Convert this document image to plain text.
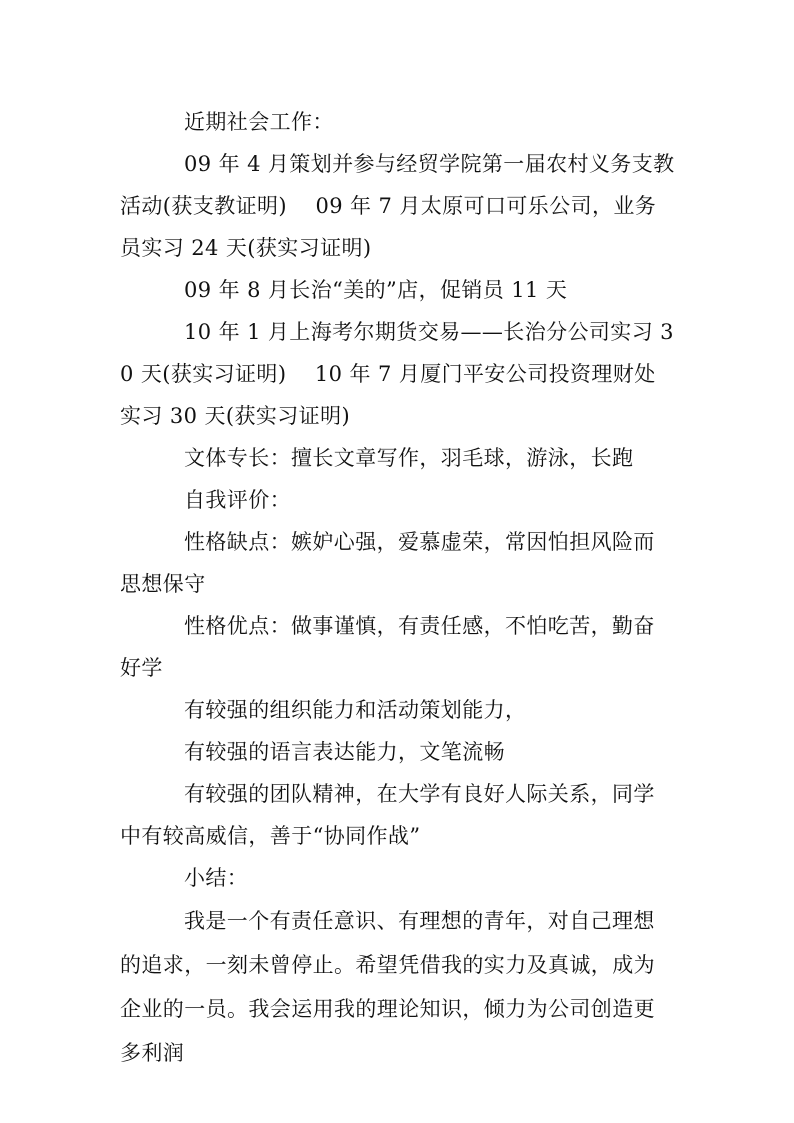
近期社会工作：

09 年 4 月策划并参与经贸学院第一届农村义务支教活动(获支教证明)　 09 年 7 月太原可口可乐公司，业务员实习 24 天(获实习证明)

09 年 8 月长治“美的”店，促销员 11 天

10 年 1 月上海考尔期货交易——长治分公司实习 30 天(获实习证明)　 10 年 7 月厦门平安公司投资理财处实习 30 天(获实习证明)

文体专长：擅长文章写作，羽毛球，游泳，长跑

自我评价：

性格缺点：嫉妒心强，爱慕虚荣，常因怕担风险而思想保守

性格优点：做事谨慎，有责任感，不怕吃苦，勤奋好学

有较强的组织能力和活动策划能力，

有较强的语言表达能力，文笔流畅

有较强的团队精神，在大学有良好人际关系，同学中有较高威信，善于“协同作战”

小结：

我是一个有责任意识、有理想的青年，对自己理想的追求，一刻未曾停止。希望凭借我的实力及真诚，成为企业的一员。我会运用我的理论知识，倾力为公司创造更多利润
